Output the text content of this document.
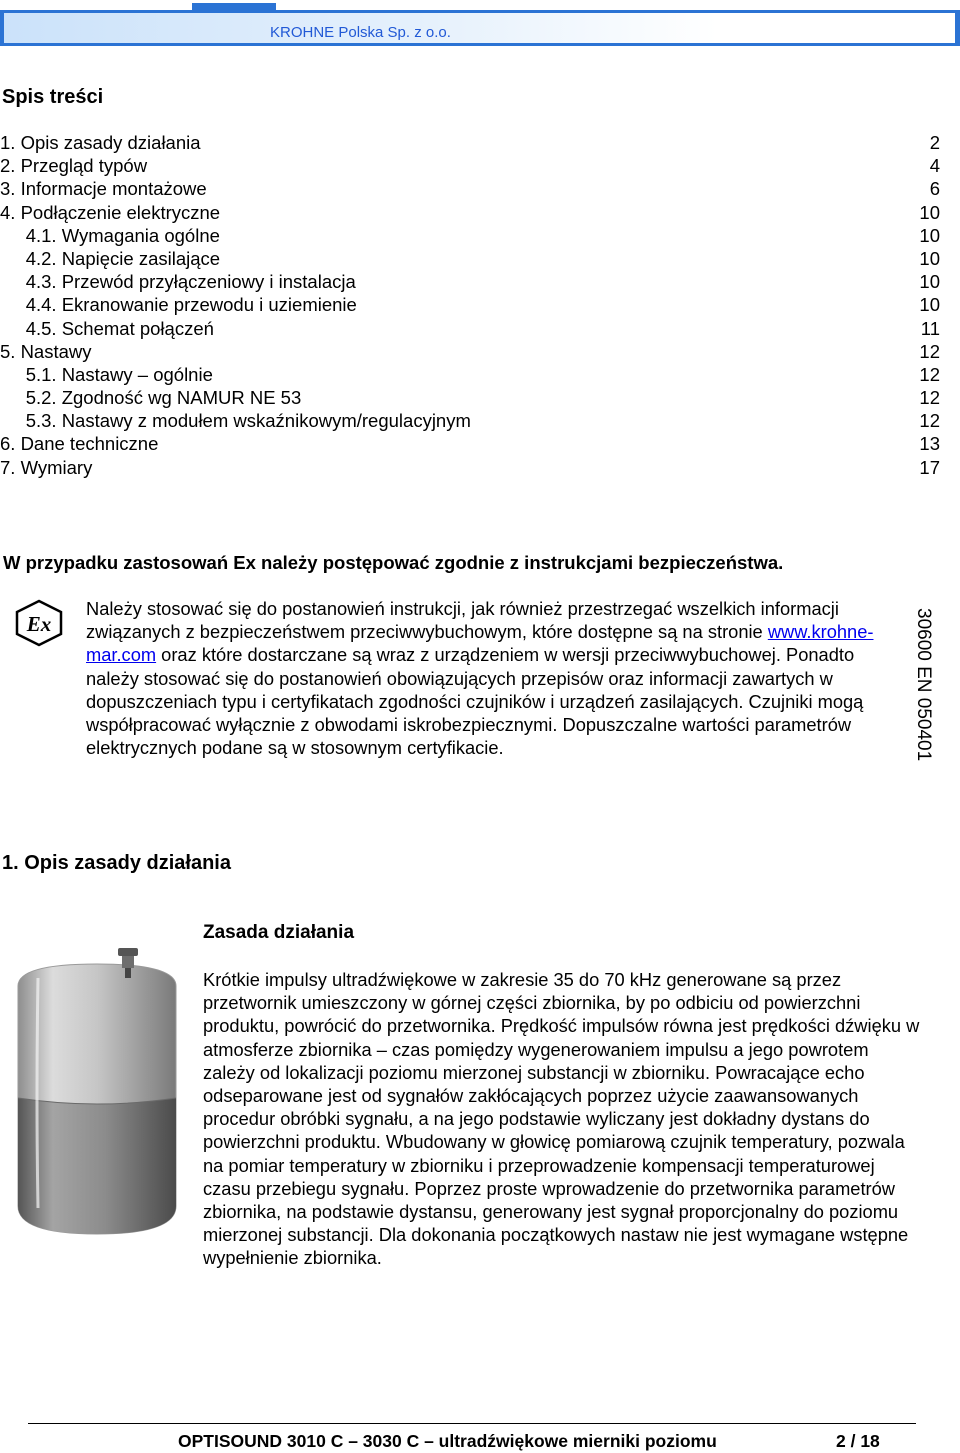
KROHNE Polska Sp. z o.o.
Spis treści
1. Opis zasady działania	2
2. Przegląd typów	4
3. Informacje montażowe	6
4. Podłączenie elektryczne	10
4.1. Wymagania ogólne	10
4.2. Napięcie zasilające	10
4.3. Przewód przyłączeniowy i instalacja	10
4.4. Ekranowanie przewodu i uziemienie	10
4.5. Schemat połączeń	11
5. Nastawy	12
5.1. Nastawy – ogólnie	12
5.2. Zgodność wg NAMUR NE 53	12
5.3. Nastawy z modułem wskaźnikowym/regulacyjnym	12
6. Dane techniczne	13
7. Wymiary	17
W przypadku zastosowań Ex należy postępować zgodnie z instrukcjami bezpieczeństwa.
Ex
Należy stosować się do postanowień instrukcji, jak również przestrzegać wszelkich informacji związanych z bezpieczeństwem przeciwwybuchowym, które dostępne są na stronie www.krohne-mar.com oraz które dostarczane są wraz z urządzeniem w wersji przeciwwybuchowej. Ponadto należy stosować się do postanowień obowiązujących przepisów oraz informacji zawartych w dopuszczeniach typu i certyfikatach zgodności czujników i urządzeń zasilających. Czujniki mogą współpracować wyłącznie z obwodami iskrobezpiecznymi. Dopuszczalne wartości parametrów elektrycznych podane są w stosownym certyfikacie.	30600 EN 050401
1. Opis zasady działania
Zasada działania
Krótkie impulsy ultradźwiękowe w zakresie 35 do 70 kHz generowane są przez przetwornik umieszczony w górnej części zbiornika, by po odbiciu od powierzchni produktu, powrócić do przetwornika. Prędkość impulsów równa jest prędkości dźwięku w atmosferze zbiornika – czas pomiędzy wygenerowaniem impulsu a jego powrotem zależy od lokalizacji poziomu mierzonej substancji w zbiorniku. Powracające echo odseparowane jest od sygnałów zakłócających poprzez użycie zaawansowanych procedur obróbki sygnału, a na jego podstawie wyliczany jest dokładny dystans do powierzchni produktu. Wbudowany w głowicę pomiarową czujnik temperatury, pozwala na pomiar temperatury w zbiorniku i przeprowadzenie kompensacji temperaturowej czasu przebiegu sygnału. Poprzez proste wprowadzenie do przetwornika parametrów zbiornika, na podstawie dystansu, generowany jest sygnał proporcjonalny do poziomu mierzonej substancji. Dla dokonania początkowych nastaw nie jest wymagane wstępne wypełnienie zbiornika.
OPTISOUND 3010 C – 3030 C – ultradźwiękowe mierniki poziomu	2 / 18
